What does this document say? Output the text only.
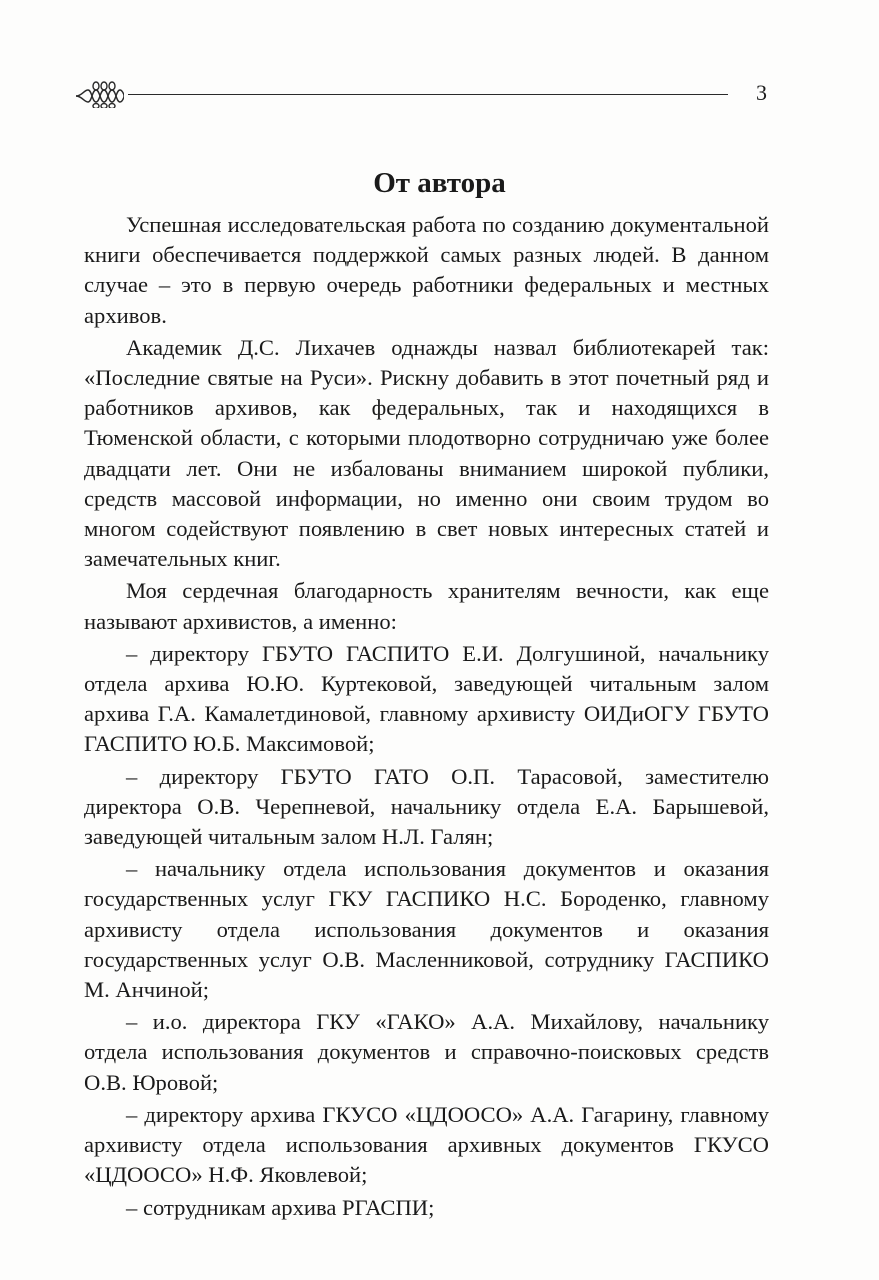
3
От автора

Успешная исследовательская работа по созданию документальной книги обеспечивается поддержкой самых разных людей. В данном случае – это в первую очередь работники федеральных и местных архивов.

Академик Д.С. Лихачев однажды назвал библиотекарей так: «Последние святые на Руси». Рискну добавить в этот почетный ряд и работников архивов, как федеральных, так и находящихся в Тюменской области, с которыми плодотворно сотрудничаю уже более двадцати лет. Они не избалованы вниманием широкой публики, средств массовой информации, но именно они своим трудом во многом содействуют появлению в свет новых интересных статей и замечательных книг.

Моя сердечная благодарность хранителям вечности, как еще называют архивистов, а именно:

– директору ГБУТО ГАСПИТО Е.И. Долгушиной, начальнику отдела архива Ю.Ю. Куртековой, заведующей читальным залом архива Г.А. Камалетдиновой, главному архивисту ОИДиОГУ ГБУТО ГАСПИТО Ю.Б. Максимовой;

– директору ГБУТО ГАТО О.П. Тарасовой, заместителю директора О.В. Черепневой, начальнику отдела Е.А. Барышевой, заведующей читальным залом Н.Л. Галян;

– начальнику отдела использования документов и оказания государственных услуг ГКУ ГАСПИКО Н.С. Бороденко, главному архивисту отдела использования документов и оказания государственных услуг О.В. Масленниковой, сотруднику ГАСПИКО М. Анчиной;

– и.о. директора ГКУ «ГАКО» А.А. Михайлову, начальнику отдела использования документов и справочно-поисковых средств О.В. Юровой;

– директору архива ГКУСО «ЦДООСО» А.А. Гагарину, главному архивисту отдела использования архивных документов ГКУСО «ЦДООСО» Н.Ф. Яковлевой;

– сотрудникам архива РГАСПИ;
